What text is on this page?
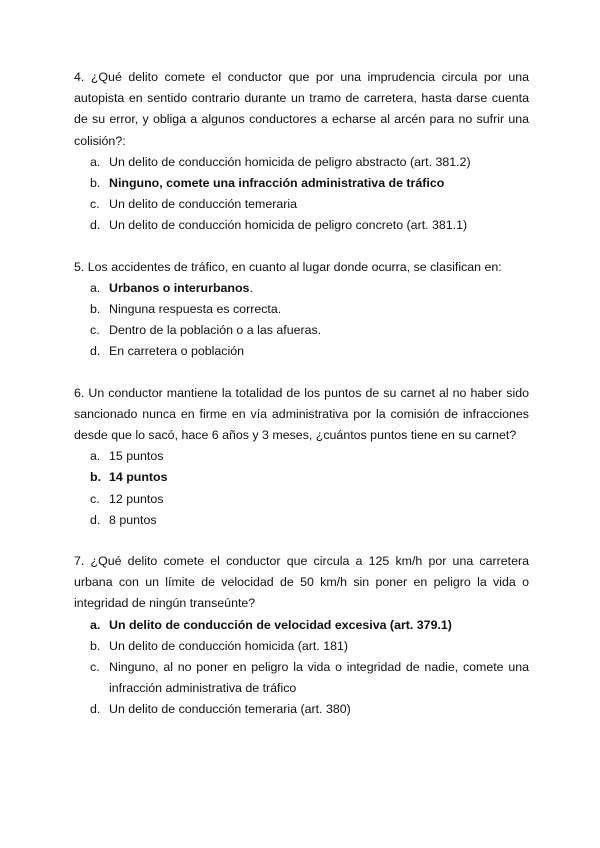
4. ¿Qué delito comete el conductor que por una imprudencia circula por una autopista en sentido contrario durante un tramo de carretera, hasta darse cuenta de su error, y obliga a algunos conductores a echarse al arcén para no sufrir una colisión?:

a. Un delito de conducción homicida de peligro abstracto (art. 381.2)
b. Ninguno, comete una infracción administrativa de tráfico
c. Un delito de conducción temeraria
d. Un delito de conducción homicida de peligro concreto (art. 381.1)

5. Los accidentes de tráfico, en cuanto al lugar donde ocurra, se clasifican en:

a. Urbanos o interurbanos.
b. Ninguna respuesta es correcta.
c. Dentro de la población o a las afueras.
d. En carretera o población

6. Un conductor mantiene la totalidad de los puntos de su carnet al no haber sido sancionado nunca en firme en vía administrativa por la comisión de infracciones desde que lo sacó, hace 6 años y 3 meses, ¿cuántos puntos tiene en su carnet?

a. 15 puntos
b. 14 puntos
c. 12 puntos
d. 8 puntos

7. ¿Qué delito comete el conductor que circula a 125 km/h por una carretera urbana con un límite de velocidad de 50 km/h sin poner en peligro la vida o integridad de ningún transeúnte?

a. Un delito de conducción de velocidad excesiva (art. 379.1)
b. Un delito de conducción homicida (art. 181)
c. Ninguno, al no poner en peligro la vida o integridad de nadie, comete una infracción administrativa de tráfico
d. Un delito de conducción temeraria (art. 380)
